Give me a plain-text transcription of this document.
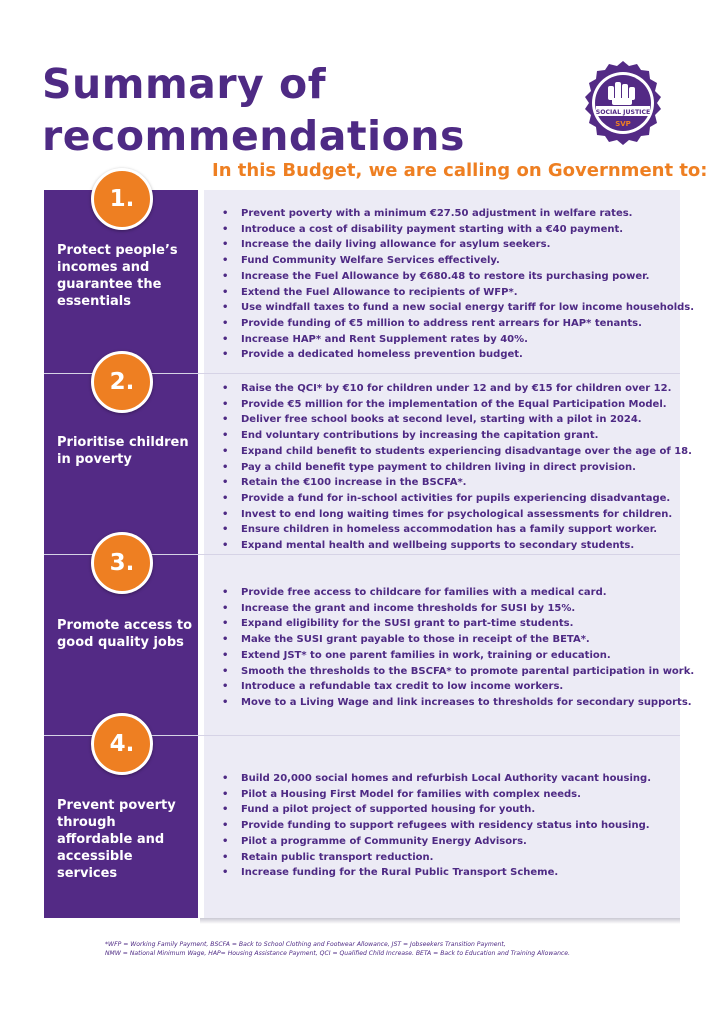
Summary of
recommendations	SOCIAL JUSTICE
SVP
In this Budget, we are calling on Government to:
1.
Protect people’s incomes and guarantee the essentials
• Prevent poverty with a minimum €27.50 adjustment in welfare rates.
• Introduce a cost of disability payment starting with a €40 payment.
• Increase the daily living allowance for asylum seekers.
• Fund Community Welfare Services effectively.
• Increase the Fuel Allowance by €680.48 to restore its purchasing power.
• Extend the Fuel Allowance to recipients of WFP*.
• Use windfall taxes to fund a new social energy tariff for low income households.
• Provide funding of €5 million to address rent arrears for HAP* tenants.
• Increase HAP* and Rent Supplement rates by 40%.
• Provide a dedicated homeless prevention budget.
2.
Prioritise children in poverty
• Raise the QCI* by €10 for children under 12 and by €15 for children over 12.
• Provide €5 million for the implementation of the Equal Participation Model.
• Deliver free school books at second level, starting with a pilot in 2024.
• End voluntary contributions by increasing the capitation grant.
• Expand child benefit to students experiencing disadvantage over the age of 18.
• Pay a child benefit type payment to children living in direct provision.
• Retain the €100 increase in the BSCFA*.
• Provide a fund for in-school activities for pupils experiencing disadvantage.
• Invest to end long waiting times for psychological assessments for children.
• Ensure children in homeless accommodation has a family support worker.
• Expand mental health and wellbeing supports to secondary students.
3.
Promote access to good quality jobs
• Provide free access to childcare for families with a medical card.
• Increase the grant and income thresholds for SUSI by 15%.
• Expand eligibility for the SUSI grant to part-time students.
• Make the SUSI grant payable to those in receipt of the BETA*.
• Extend JST* to one parent families in work, training or education.
• Smooth the thresholds to the BSCFA* to promote parental participation in work.
• Introduce a refundable tax credit to low income workers.
• Move to a Living Wage and link increases to thresholds for secondary supports.
4.
Prevent poverty through affordable and accessible services
• Build 20,000 social homes and refurbish Local Authority vacant housing.
• Pilot a Housing First Model for families with complex needs.
• Fund a pilot project of supported housing for youth.
• Provide funding to support refugees with residency status into housing.
• Pilot a programme of Community Energy Advisors.
• Retain public transport reduction.
• Increase funding for the Rural Public Transport Scheme.

*WFP = Working Family Payment, BSCFA = Back to School Clothing and Footwear Allowance, JST = Jobseekers Transition Payment,
NMW = National Minimum Wage, HAP= Housing Assistance Payment, QCI = Qualified Child Increase. BETA = Back to Education and Training Allowance.
